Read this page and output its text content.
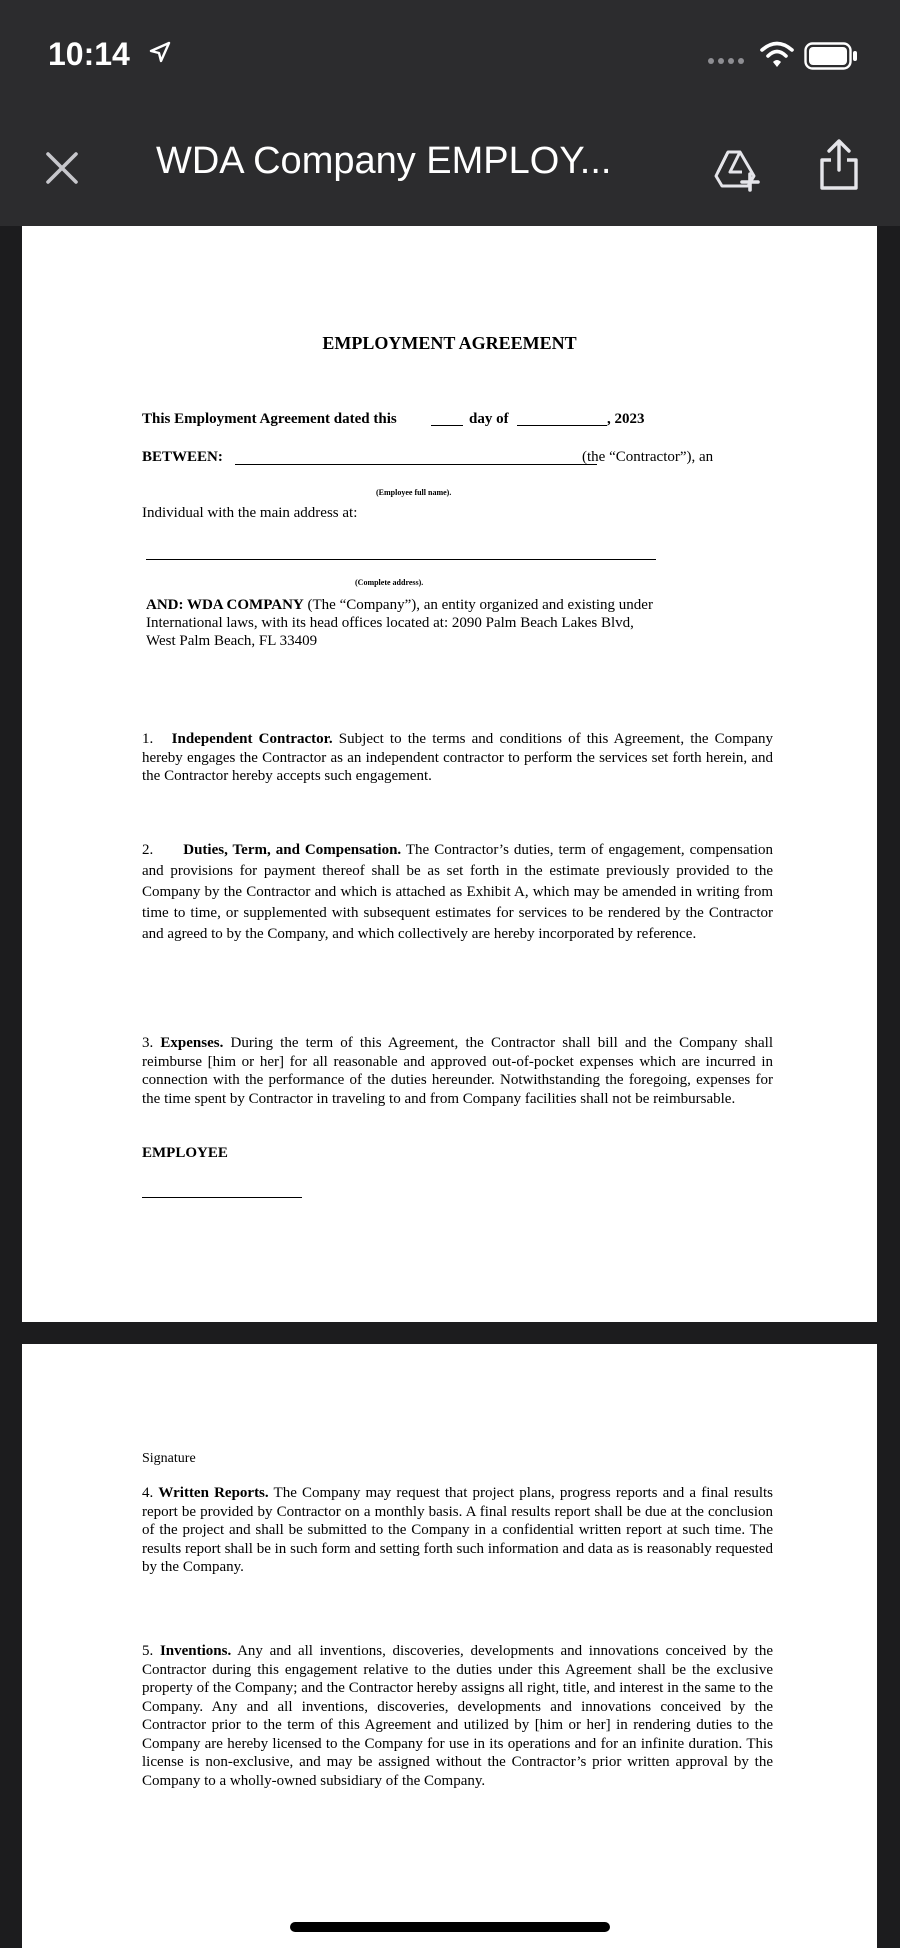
10:14
WDA Company EMPLOY...
EMPLOYMENT AGREEMENT
This Employment Agreement dated this	day of	, 2023
BETWEEN:	(the “Contractor”), an
(Employee full name).
Individual with the main address at:
(Complete address).
AND: WDA COMPANY (The “Company”), an entity organized and existing under
International laws, with its head offices located at: 2090 Palm Beach Lakes Blvd,
West Palm Beach, FL 33409
1. Independent Contractor. Subject to the terms and conditions of this Agreement, the Company hereby engages the Contractor as an independent contractor to perform the services set forth herein, and the Contractor hereby accepts such engagement.
2. Duties, Term, and Compensation. The Contractor’s duties, term of engagement, compensation and provisions for payment thereof shall be as set forth in the estimate previously provided to the Company by the Contractor and which is attached as Exhibit A, which may be amended in writing from time to time, or supplemented with subsequent estimates for services to be rendered by the Contractor and agreed to by the Company, and which collectively are hereby incorporated by reference.
3. Expenses. During the term of this Agreement, the Contractor shall bill and the Company shall reimburse [him or her] for all reasonable and approved out-of-pocket expenses which are incurred in connection with the performance of the duties hereunder. Notwithstanding the foregoing, expenses for the time spent by Contractor in traveling to and from Company facilities shall not be reimbursable.
EMPLOYEE
Signature
4. Written Reports. The Company may request that project plans, progress reports and a final results report be provided by Contractor on a monthly basis. A final results report shall be due at the conclusion of the project and shall be submitted to the Company in a confidential written report at such time. The results report shall be in such form and setting forth such information and data as is reasonably requested by the Company.
5. Inventions. Any and all inventions, discoveries, developments and innovations conceived by the Contractor during this engagement relative to the duties under this Agreement shall be the exclusive property of the Company; and the Contractor hereby assigns all right, title, and interest in the same to the Company. Any and all inventions, discoveries, developments and innovations conceived by the Contractor prior to the term of this Agreement and utilized by [him or her] in rendering duties to the Company are hereby licensed to the Company for use in its operations and for an infinite duration. This license is non-exclusive, and may be assigned without the Contractor’s prior written approval by the Company to a wholly-owned subsidiary of the Company.
